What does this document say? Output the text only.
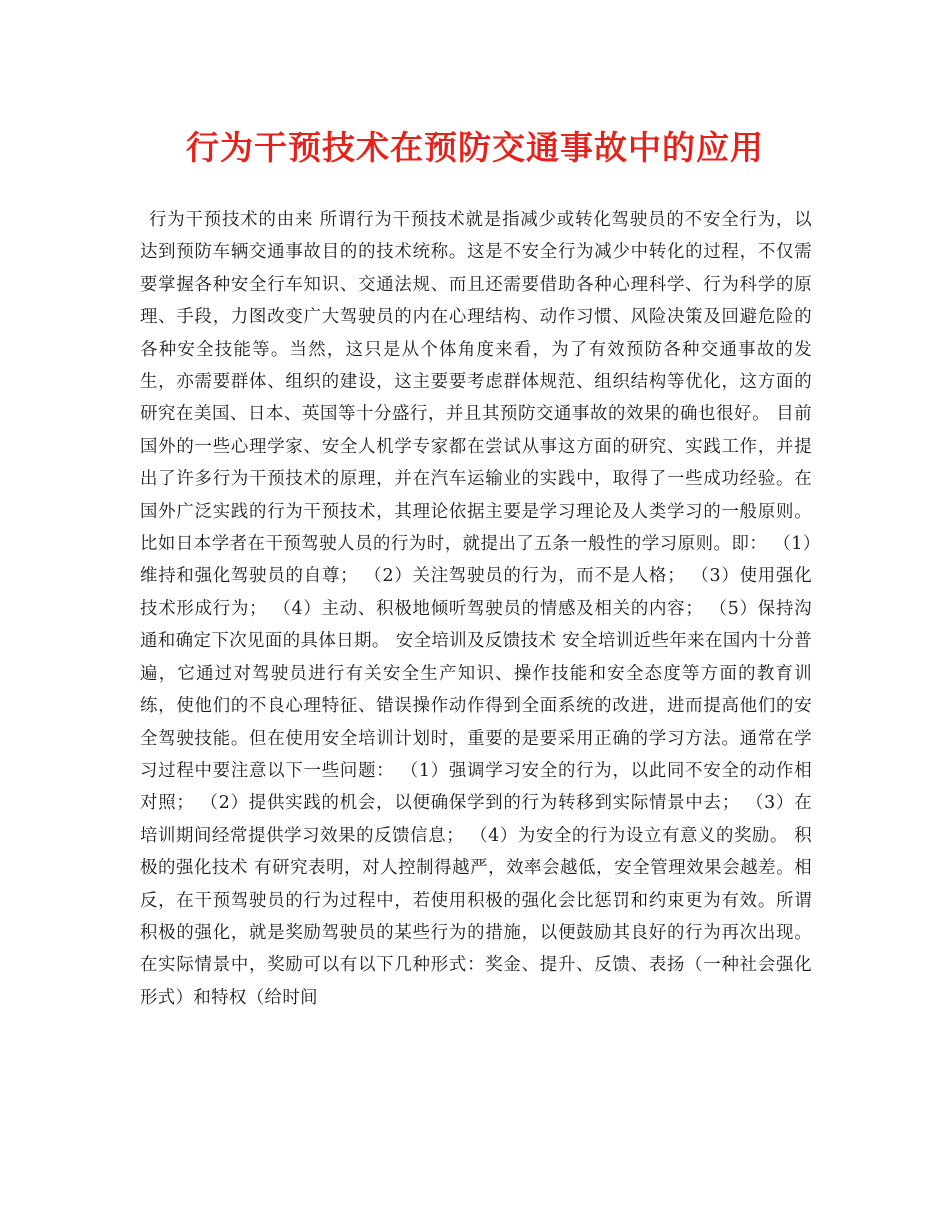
行为干预技术在预防交通事故中的应用

行为干预技术的由来 所谓行为干预技术就是指减少或转化驾驶员的不安全行为，以达到预防车辆交通事故目的的技术统称。这是不安全行为减少中转化的过程，不仅需要掌握各种安全行车知识、交通法规、而且还需要借助各种心理科学、行为科学的原理、手段，力图改变广大驾驶员的内在心理结构、动作习惯、风险决策及回避危险的各种安全技能等。当然，这只是从个体角度来看，为了有效预防各种交通事故的发生，亦需要群体、组织的建设，这主要要考虑群体规范、组织结构等优化，这方面的研究在美国、日本、英国等十分盛行，并且其预防交通事故的效果的确也很好。 目前国外的一些心理学家、安全人机学专家都在尝试从事这方面的研究、实践工作，并提出了许多行为干预技术的原理，并在汽车运输业的实践中，取得了一些成功经验。在国外广泛实践的行为干预技术，其理论依据主要是学习理论及人类学习的一般原则。比如日本学者在干预驾驶人员的行为时，就提出了五条一般性的学习原则。即： （1）维持和强化驾驶员的自尊； （2）关注驾驶员的行为，而不是人格； （3）使用强化技术形成行为； （4）主动、积极地倾听驾驶员的情感及相关的内容； （5）保持沟通和确定下次见面的具体日期。 安全培训及反馈技术 安全培训近些年来在国内十分普遍，它通过对驾驶员进行有关安全生产知识、操作技能和安全态度等方面的教育训练，使他们的不良心理特征、错误操作动作得到全面系统的改进，进而提高他们的安全驾驶技能。但在使用安全培训计划时，重要的是要采用正确的学习方法。通常在学习过程中要注意以下一些问题： （1）强调学习安全的行为，以此同不安全的动作相对照； （2）提供实践的机会，以便确保学到的行为转移到实际情景中去； （3）在培训期间经常提供学习效果的反馈信息； （4）为安全的行为设立有意义的奖励。 积极的强化技术 有研究表明，对人控制得越严，效率会越低，安全管理效果会越差。相反，在干预驾驶员的行为过程中，若使用积极的强化会比惩罚和约束更为有效。所谓积极的强化，就是奖励驾驶员的某些行为的措施，以便鼓励其良好的行为再次出现。在实际情景中，奖励可以有以下几种形式：奖金、提升、反馈、表扬（一种社会强化形式）和特权（给时间
